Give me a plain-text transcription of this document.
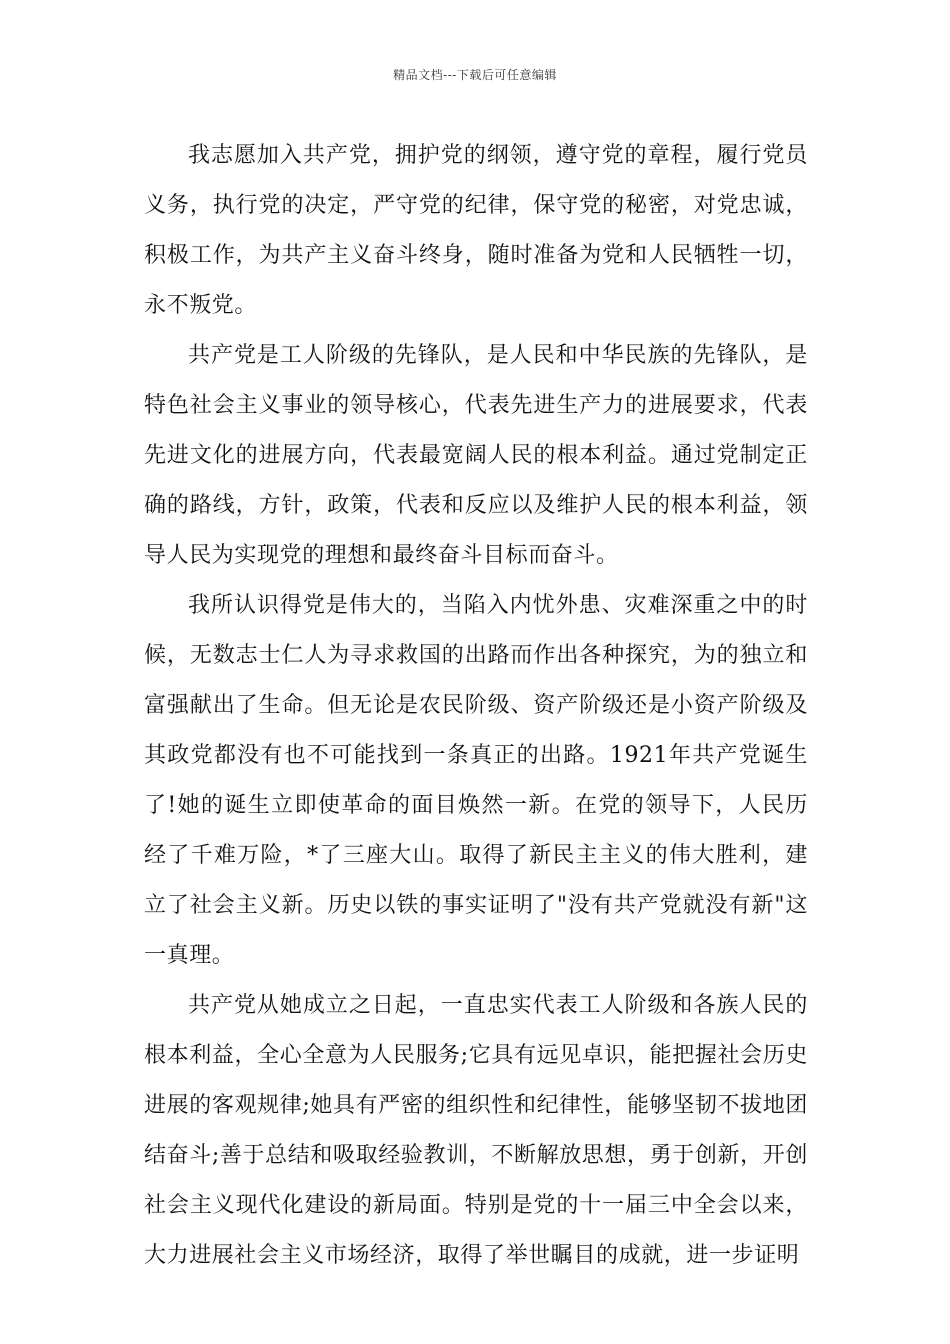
精品文档---下载后可任意编辑

我志愿加入共产党，拥护党的纲领，遵守党的章程，履行党员义务，执行党的决定，严守党的纪律，保守党的秘密，对党忠诚，积极工作，为共产主义奋斗终身，随时准备为党和人民牺牲一切，永不叛党。

共产党是工人阶级的先锋队，是人民和中华民族的先锋队，是特色社会主义事业的领导核心，代表先进生产力的进展要求，代表先进文化的进展方向，代表最宽阔人民的根本利益。通过党制定正确的路线，方针，政策，代表和反应以及维护人民的根本利益，领导人民为实现党的理想和最终奋斗目标而奋斗。

我所认识得党是伟大的，当陷入内忧外患、灾难深重之中的时候，无数志士仁人为寻求救国的出路而作出各种探究，为的独立和富强献出了生命。但无论是农民阶级、资产阶级还是小资产阶级及其政党都没有也不可能找到一条真正的出路。1921年共产党诞生了!她的诞生立即使革命的面目焕然一新。在党的领导下，人民历经了千难万险，*了三座大山。取得了新民主主义的伟大胜利，建立了社会主义新。历史以铁的事实证明了"没有共产党就没有新"这一真理。

共产党从她成立之日起，一直忠实代表工人阶级和各族人民的根本利益，全心全意为人民服务;它具有远见卓识，能把握社会历史进展的客观规律;她具有严密的组织性和纪律性，能够坚韧不拔地团结奋斗;善于总结和吸取经验教训，不断解放思想，勇于创新，开创社会主义现代化建设的新局面。特别是党的十一届三中全会以来，大力进展社会主义市场经济，取得了举世瞩目的成就，进一步证明
